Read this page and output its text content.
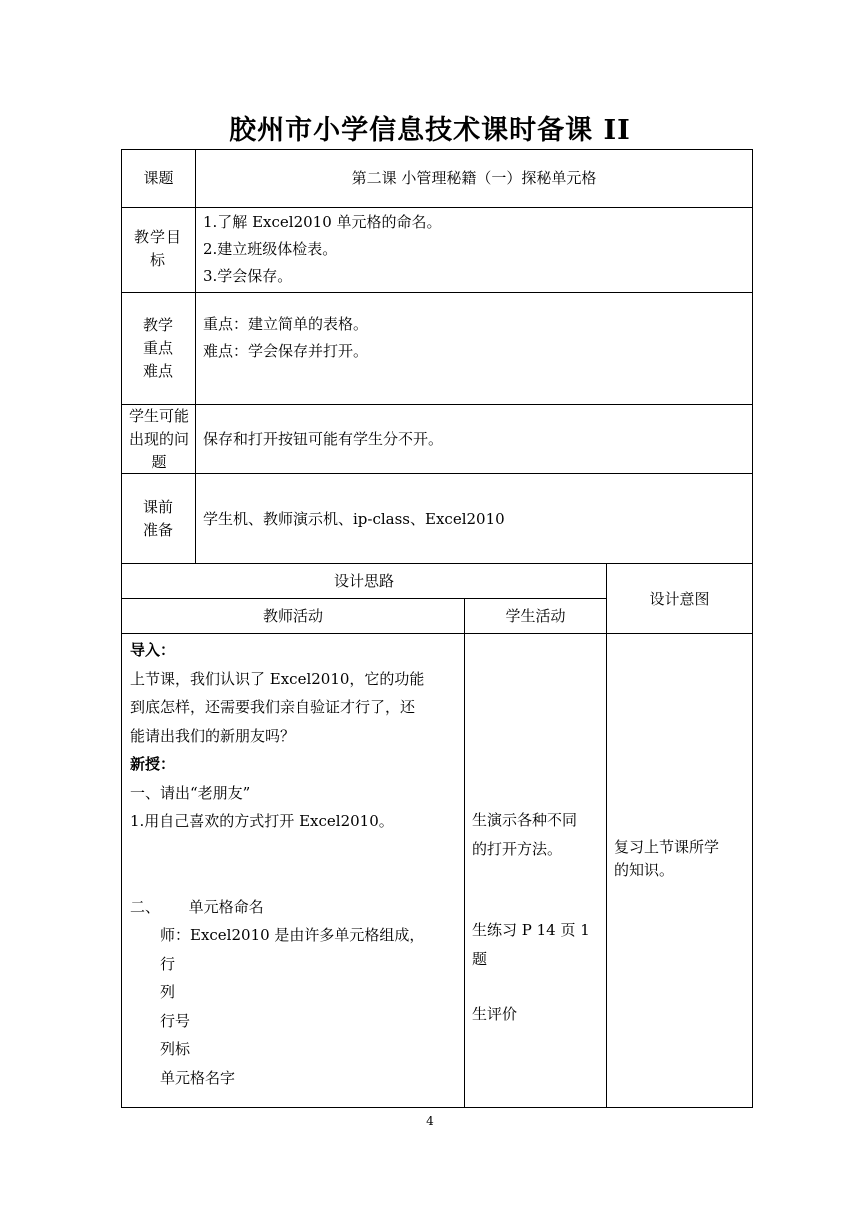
胶州市小学信息技术课时备课 II
课题	第二课 小管理秘籍（一）探秘单元格
教学目标
1.了解 Excel2010 单元格的命名。
2.建立班级体检表。
3.学会保存。
教学重点难点
重点：建立简单的表格。
难点：学会保存并打开。
学生可能出现的问题
保存和打开按钮可能有学生分不开。
课前准备
学生机、教师演示机、ip-class、Excel2010
设计思路
设计意图
教师活动	学生活动
导入：
上节课，我们认识了 Excel2010，它的功能
到底怎样，还需要我们亲自验证才行了，还
能请出我们的新朋友吗？
新授：
一、请出“老朋友”
1.用自己喜欢的方式打开 Excel2010。
二、      单元格命名
师：Excel2010 是由许多单元格组成，
行
列
行号
列标
单元格名字
生演示各种不同
的打开方法。
生练习 P 14 页 1
题
生评价
复习上节课所学
的知识。
4
